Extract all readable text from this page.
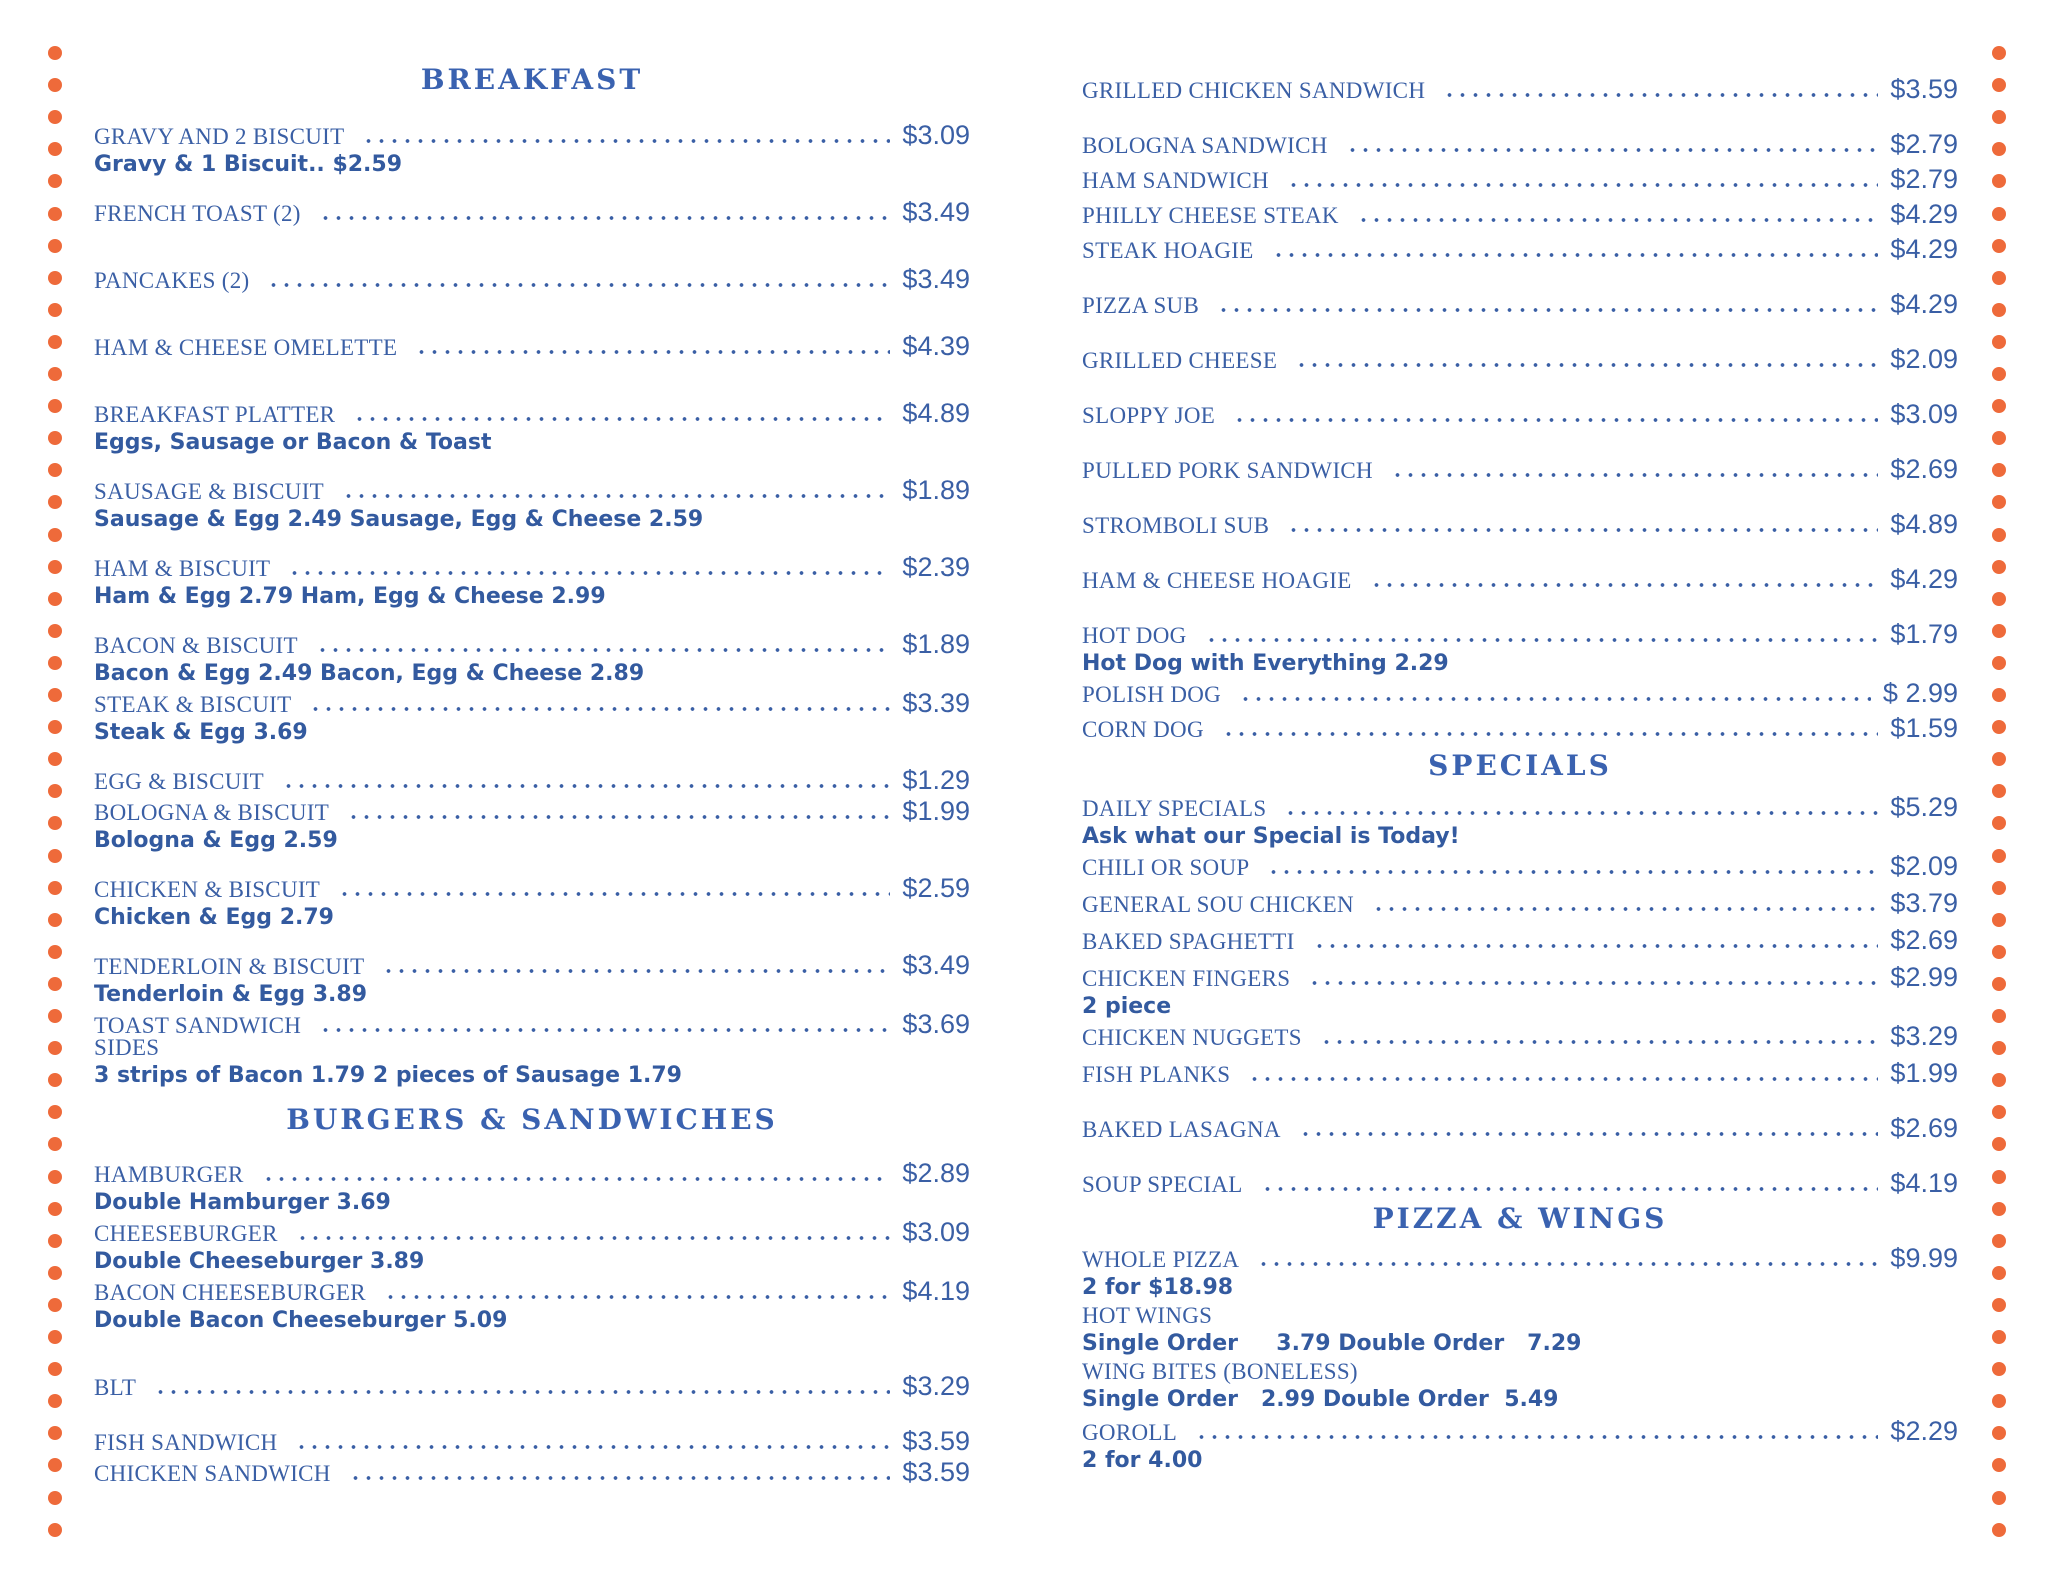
BREAKFAST
GRAVY AND 2 BISCUIT	$3.09
Gravy & 1 Biscuit.. $2.59
FRENCH TOAST (2)	$3.49
PANCAKES (2)	$3.49
HAM & CHEESE OMELETTE	$4.39
BREAKFAST PLATTER	$4.89
Eggs, Sausage or Bacon & Toast
SAUSAGE & BISCUIT	$1.89
Sausage & Egg 2.49 Sausage, Egg & Cheese 2.59
HAM & BISCUIT	$2.39
Ham & Egg 2.79 Ham, Egg & Cheese 2.99
BACON & BISCUIT	$1.89
Bacon & Egg 2.49 Bacon, Egg & Cheese 2.89
STEAK & BISCUIT	$3.39
Steak & Egg 3.69
EGG & BISCUIT	$1.29
BOLOGNA & BISCUIT	$1.99
Bologna & Egg 2.59
CHICKEN & BISCUIT	$2.59
Chicken & Egg 2.79
TENDERLOIN & BISCUIT	$3.49
Tenderloin & Egg 3.89
TOAST SANDWICH	$3.69
SIDES
3 strips of Bacon 1.79 2 pieces of Sausage 1.79
BURGERS & SANDWICHES
HAMBURGER	$2.89
Double Hamburger 3.69
CHEESEBURGER	$3.09
Double Cheeseburger 3.89
BACON CHEESEBURGER	$4.19
Double Bacon Cheeseburger 5.09
BLT	$3.29
FISH SANDWICH	$3.59
CHICKEN SANDWICH	$3.59
GRILLED CHICKEN SANDWICH	$3.59
BOLOGNA SANDWICH	$2.79
HAM SANDWICH	$2.79
PHILLY CHEESE STEAK	$4.29
STEAK HOAGIE	$4.29
PIZZA SUB	$4.29
GRILLED CHEESE	$2.09
SLOPPY JOE	$3.09
PULLED PORK SANDWICH	$2.69
STROMBOLI SUB	$4.89
HAM & CHEESE HOAGIE	$4.29
HOT DOG	$1.79
Hot Dog with Everything 2.29
POLISH DOG	$ 2.99
CORN DOG	$1.59
SPECIALS
DAILY SPECIALS	$5.29
Ask what our Special is Today!
CHILI OR SOUP	$2.09
GENERAL SOU CHICKEN	$3.79
BAKED SPAGHETTI	$2.69
CHICKEN FINGERS	$2.99
2 piece
CHICKEN NUGGETS	$3.29
FISH PLANKS	$1.99
BAKED LASAGNA	$2.69
SOUP SPECIAL	$4.19
PIZZA & WINGS
WHOLE PIZZA	$9.99
2 for $18.98
HOT WINGS
Single Order     3.79 Double Order   7.29
WING BITES (BONELESS)
Single Order   2.99 Double Order  5.49
GOROLL	$2.29
2 for 4.00
